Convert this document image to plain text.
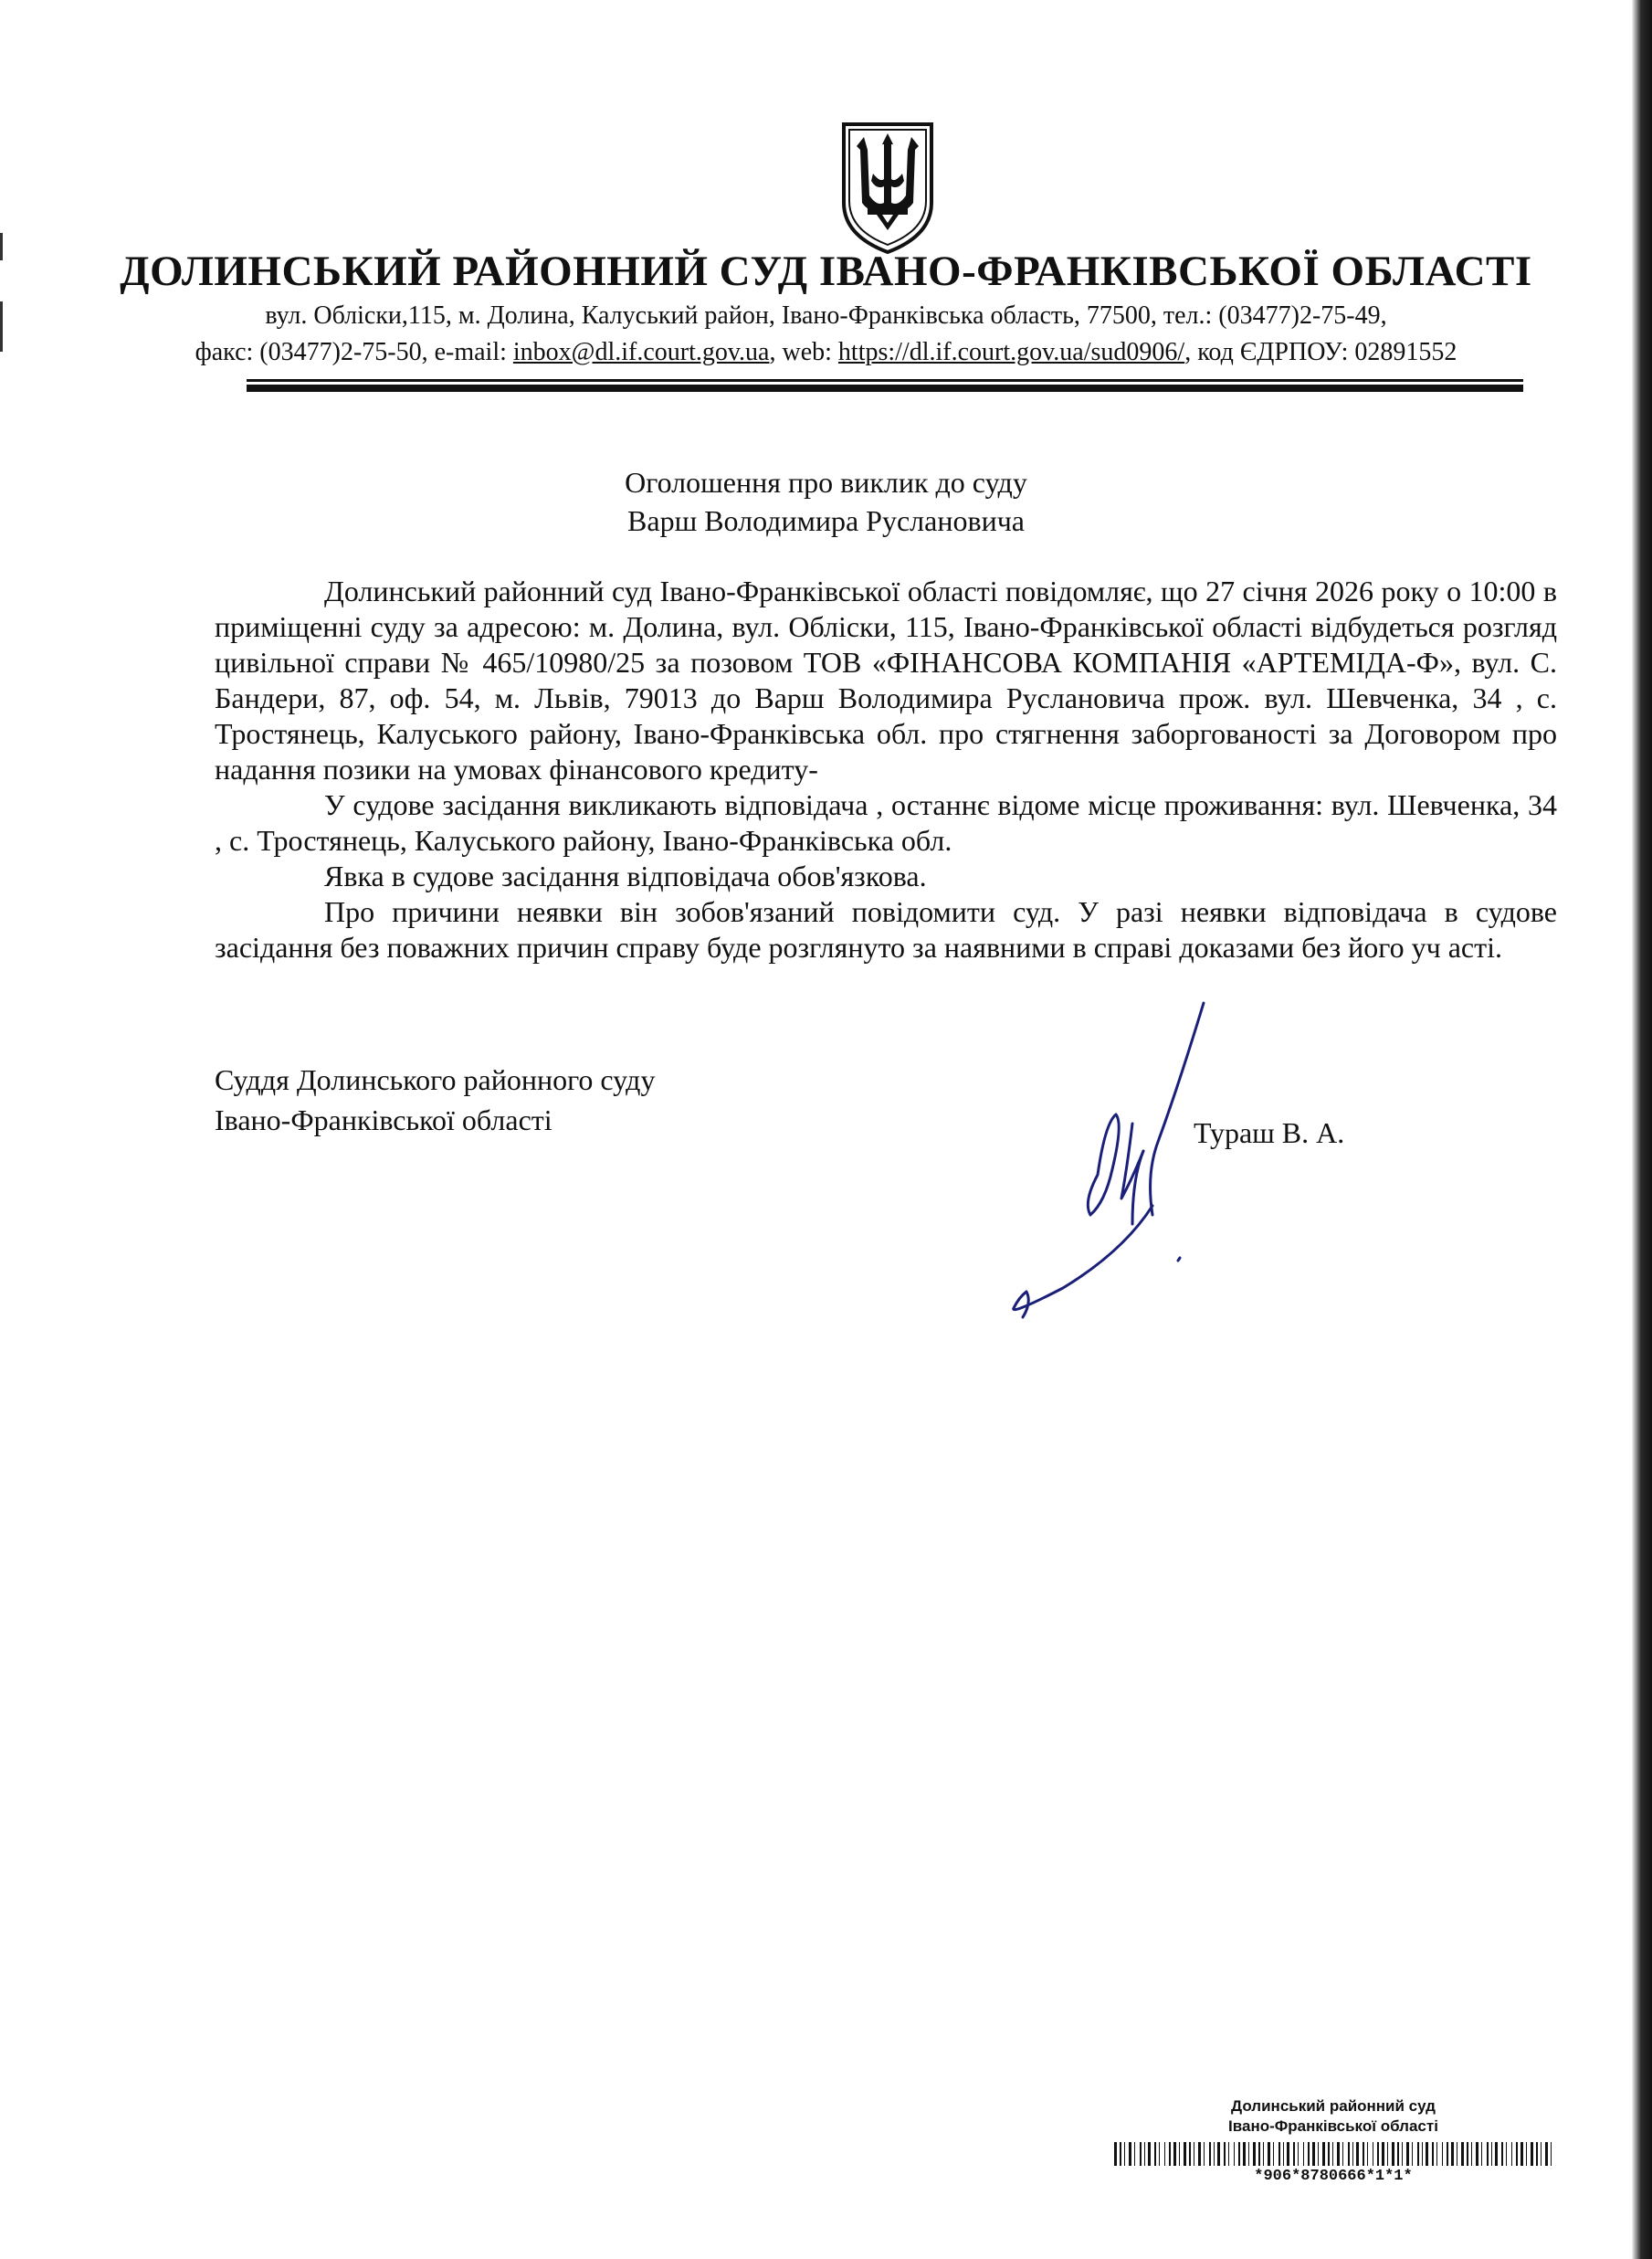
ДОЛИНСЬКИЙ РАЙОННИЙ СУД ІВАНО-ФРАНКІВСЬКОЇ ОБЛАСТІ
вул. Обліски,115, м. Долина, Калуський район, Івано-Франківська область, 77500, тел.: (03477)2-75-49,
факс: (03477)2-75-50, e-mail: inbox@dl.if.court.gov.ua, web: https://dl.if.court.gov.ua/sud0906/, код ЄДРПОУ: 02891552
Оголошення про виклик до суду
Варш Володимира Руслановича

Долинський районний суд Івано-Франківської області повідомляє, що 27 січня 2026 року о 10:00 в приміщенні суду за адресою: м. Долина, вул. Обліски, 115, Івано-Франківської області відбудеться розгляд цивільної справи № 465/10980/25 за позовом ТОВ «ФІНАНСОВА КОМПАНІЯ «АРТЕМІДА-Ф», вул. С. Бандери, 87, оф. 54, м. Львів, 79013 до Варш Володимира Руслановича прож. вул. Шевченка, 34 , с. Тростянець, Калуського району, Івано-Франківська обл. про стягнення заборгованості за Договором про надання позики на умовах фінансового кредиту-

У судове засідання викликають відповідача , останнє відоме місце проживання: вул. Шевченка, 34 , с. Тростянець, Калуського району, Івано-Франківська обл.

Явка в судове засідання відповідача обов'язкова.

Про причини неявки він зобов'язаний повідомити суд. У разі неявки відповідача в судове засідання без поважних причин справу буде розглянуто за наявними в справі доказами без його уч асті.

Суддя Долинського районного суду
Івано-Франківської області	Тураш В. А.
Долинський районний суд
Івано-Франківської області
*906*8780666*1*1*
